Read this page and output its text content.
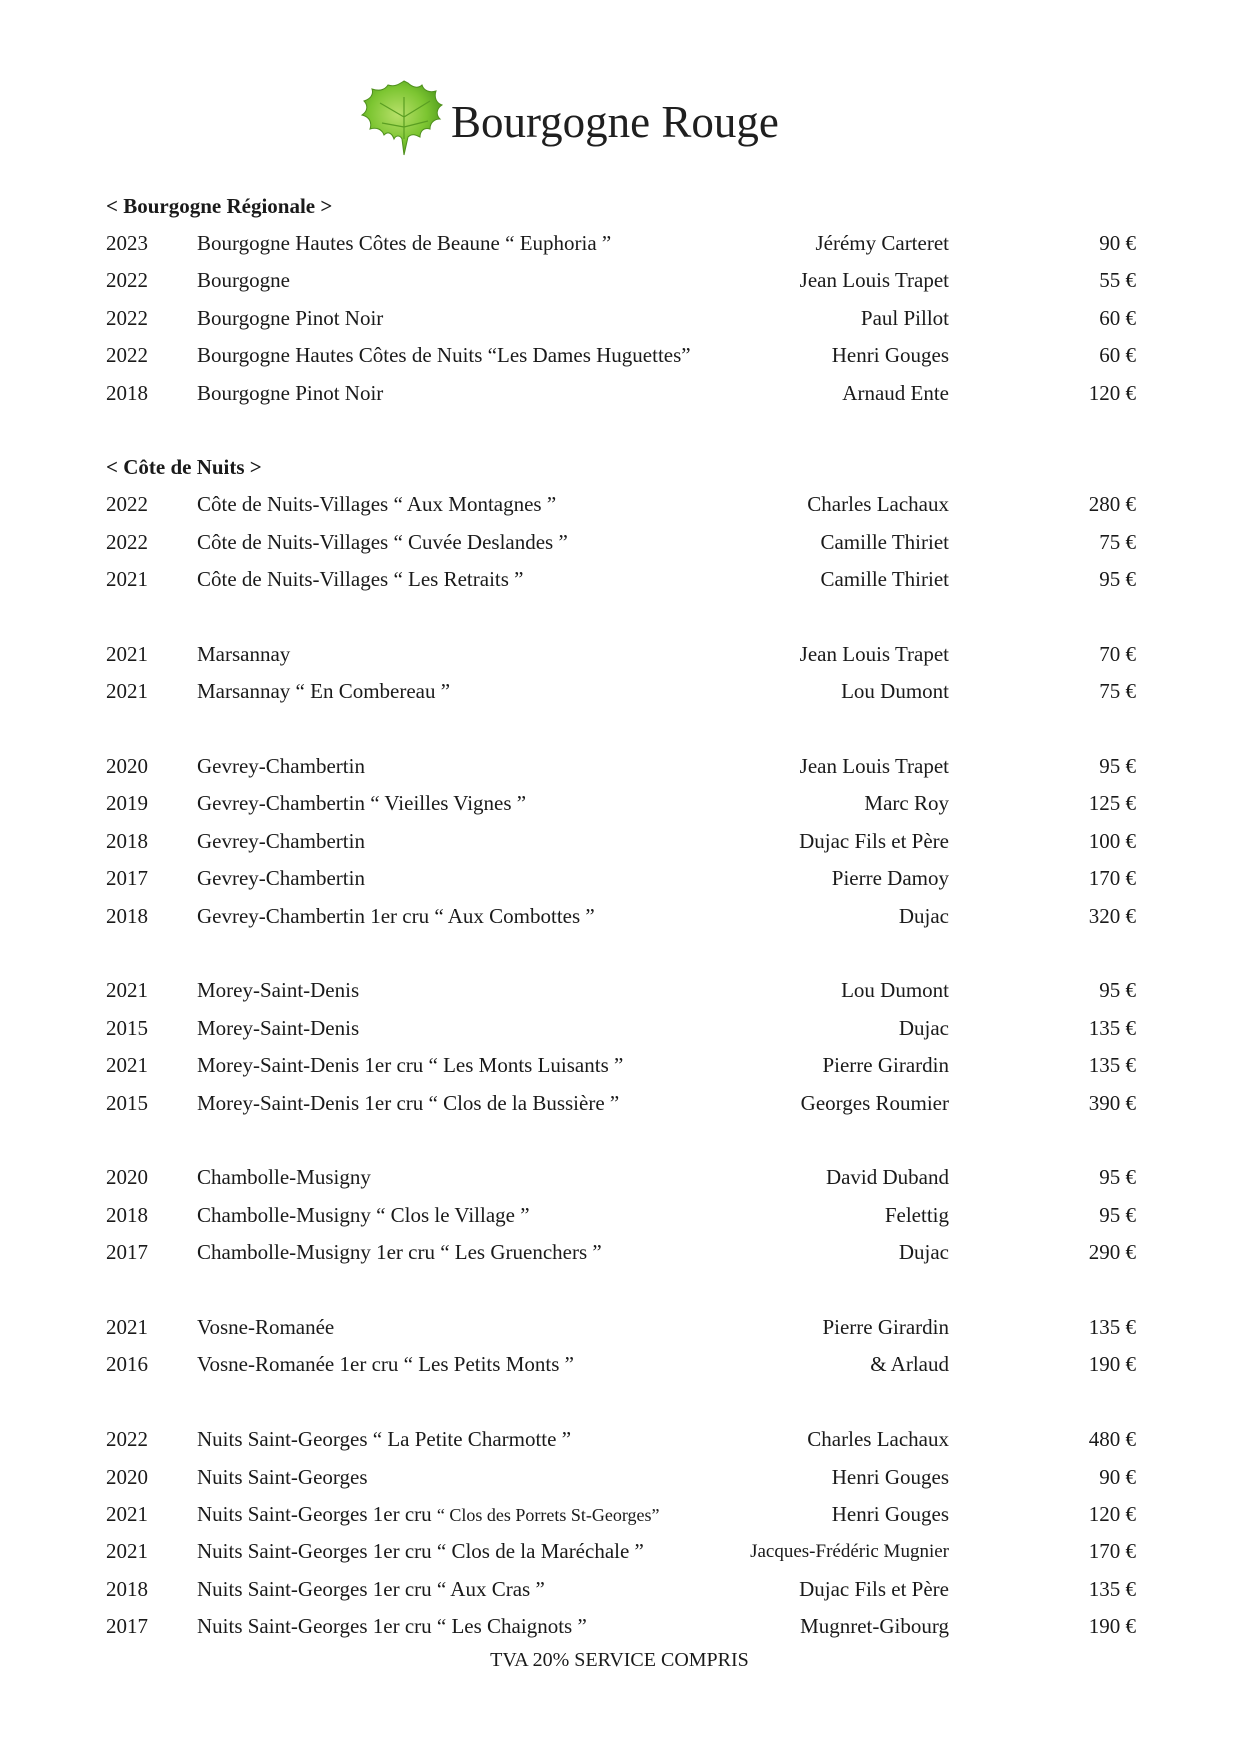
Bourgogne Rouge
< Bourgogne Régionale >
2023 Bourgogne Hautes Côtes de Beaune “ Euphoria ”	Jérémy Carteret	90 €
2022 Bourgogne	Jean Louis Trapet	55 €
2022 Bourgogne Pinot Noir	Paul Pillot	60 €
2022 Bourgogne Hautes Côtes de Nuits “Les Dames Huguettes”	Henri Gouges	60 €
2018 Bourgogne Pinot Noir	Arnaud Ente	120 €
< Côte de Nuits >
2022 Côte de Nuits-Villages “ Aux Montagnes ”	Charles Lachaux	280 €
2022 Côte de Nuits-Villages “ Cuvée Deslandes ”	Camille Thiriet	75 €
2021 Côte de Nuits-Villages “ Les Retraits ”	Camille Thiriet	95 €
2021 Marsannay	Jean Louis Trapet	70 €
2021 Marsannay “ En Combereau ”	Lou Dumont	75 €
2020 Gevrey-Chambertin	Jean Louis Trapet	95 €
2019 Gevrey-Chambertin “ Vieilles Vignes ”	Marc Roy	125 €
2018 Gevrey-Chambertin	Dujac Fils et Père	100 €
2017 Gevrey-Chambertin	Pierre Damoy	170 €
2018 Gevrey-Chambertin 1er cru “ Aux Combottes ”	Dujac	320 €
2021 Morey-Saint-Denis	Lou Dumont	95 €
2015 Morey-Saint-Denis	Dujac	135 €
2021 Morey-Saint-Denis 1er cru “ Les Monts Luisants ”	Pierre Girardin	135 €
2015 Morey-Saint-Denis 1er cru “ Clos de la Bussière ”	Georges Roumier	390 €
2020 Chambolle-Musigny	David Duband	95 €
2018 Chambolle-Musigny “ Clos le Village ”	Felettig	95 €
2017 Chambolle-Musigny 1er cru “ Les Gruenchers ”	Dujac	290 €
2021 Vosne-Romanée	Pierre Girardin	135 €
2016 Vosne-Romanée 1er cru “ Les Petits Monts ”	& Arlaud	190 €
2022 Nuits Saint-Georges “ La Petite Charmotte ”	Charles Lachaux	480 €
2020 Nuits Saint-Georges	Henri Gouges	90 €
2021 Nuits Saint-Georges 1er cru “ Clos des Porrets St-Georges”	Henri Gouges	120 €
2021 Nuits Saint-Georges 1er cru “ Clos de la Maréchale ”	Jacques-Frédéric Mugnier	170 €
2018 Nuits Saint-Georges 1er cru “ Aux Cras ”	Dujac Fils et Père	135 €
2017 Nuits Saint-Georges 1er cru “ Les Chaignots ”	Mugnret-Gibourg	190 €
TVA 20% SERVICE COMPRIS
